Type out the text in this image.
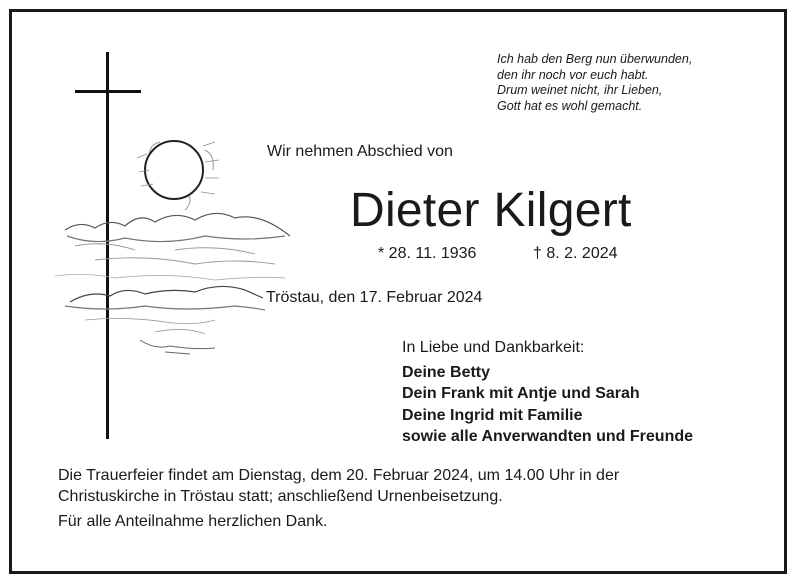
Ich hab den Berg nun überwunden,
den ihr noch vor euch habt.
Drum weinet nicht, ihr Lieben,
Gott hat es wohl gemacht.
Wir nehmen Abschied von
Dieter Kilgert
* 28. 11. 1936	† 8. 2. 2024
Tröstau, den 17. Februar 2024
In Liebe und Dankbarkeit:
Deine Betty
Dein Frank mit Antje und Sarah
Deine Ingrid mit Familie
sowie alle Anverwandten und Freunde

Die Trauerfeier findet am Dienstag, dem 20. Februar 2024, um 14.00 Uhr in der

Christuskirche in Tröstau statt; anschließend Urnenbeisetzung.

Für alle Anteilnahme herzlichen Dank.
